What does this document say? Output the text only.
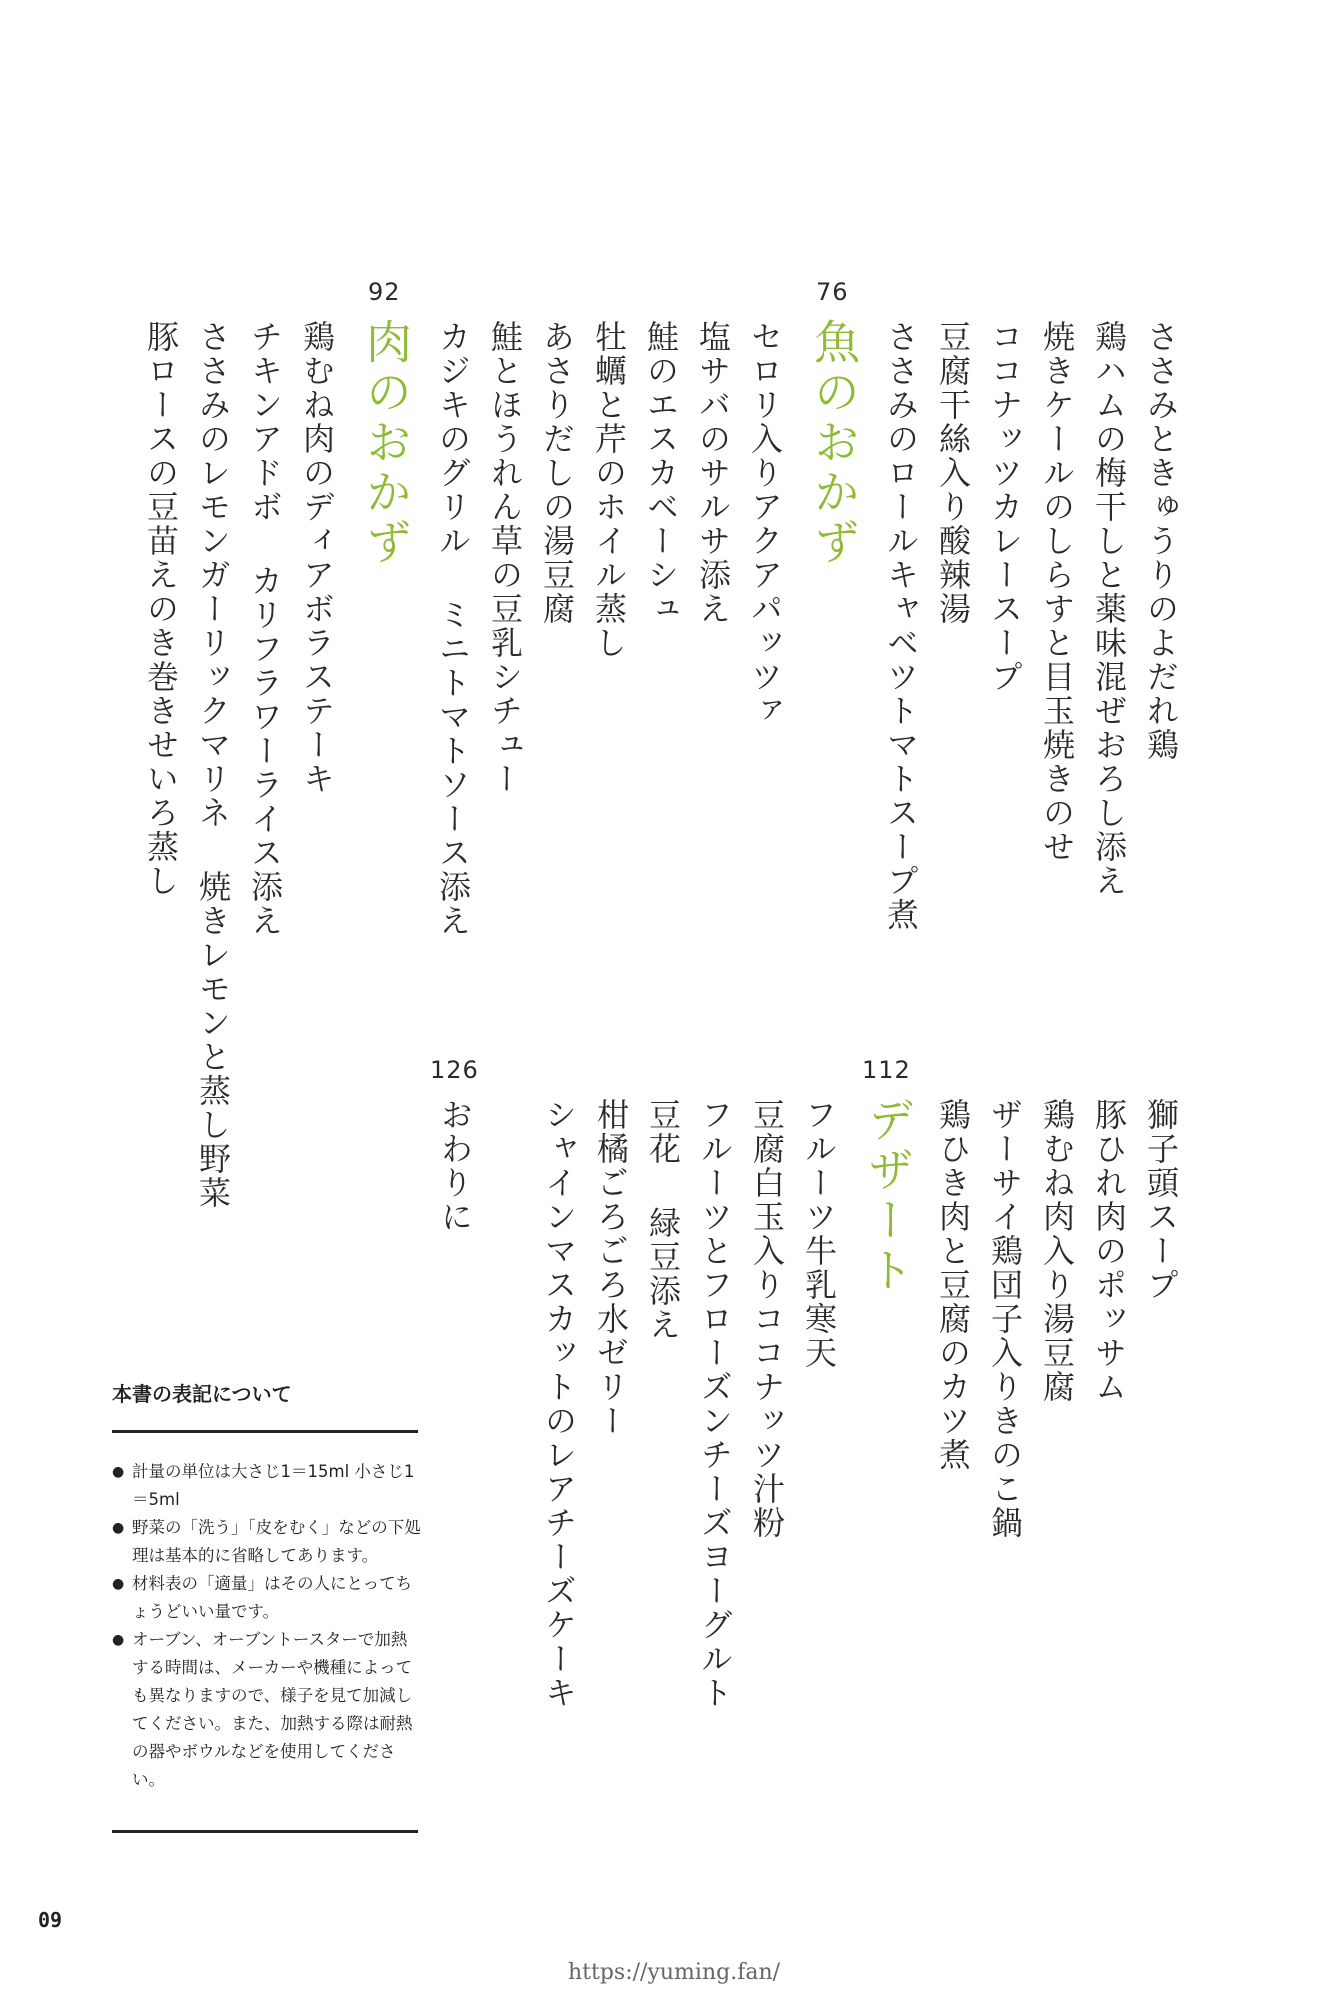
ささみときゅうりのよだれ鶏
鶏ハムの梅干しと薬味混ぜおろし添え
焼きケールのしらすと目玉焼きのせ
ココナッツカレースープ
豆腐干絲入り酸辣湯
ささみのロールキャベツトマトスープ煮
76
魚のおかず
セロリ入りアクアパッツァ
塩サバのサルサ添え
鮭のエスカベーシュ
牡蠣と芹のホイル蒸し
あさりだしの湯豆腐
鮭とほうれん草の豆乳シチュー
カジキのグリル ミニトマトソース添え
92
肉のおかず
鶏むね肉のディアボラステーキ
チキンアドボ カリフラワーライス添え
ささみのレモンガーリックマリネ 焼きレモンと蒸し野菜
豚ロースの豆苗えのき巻きせいろ蒸し
獅子頭スープ
豚ひれ肉のポッサム
鶏むね肉入り湯豆腐
ザーサイ鶏団子入りきのこ鍋
鶏ひき肉と豆腐のカツ煮
112
デザート
フルーツ牛乳寒天
豆腐白玉入りココナッツ汁粉
フルーツとフローズンチーズヨーグルト
豆花 緑豆添え
柑橘ごろごろ水ゼリー
シャインマスカットのレアチーズケーキ
126
おわりに
本書の表記について
● 計量の単位は大さじ1＝15ml 小さじ1＝5ml
● 野菜の「洗う」「皮をむく」などの下処理は基本的に省略してあります。
● 材料表の「適量」はその人にとってちょうどいい量です。
● オーブン、オーブントースターで加熱する時間は、メーカーや機種によっても異なりますので、様子を見て加減してください。また、加熱する際は耐熱の器やボウルなどを使用してください。
09
https://yuming.fan/
